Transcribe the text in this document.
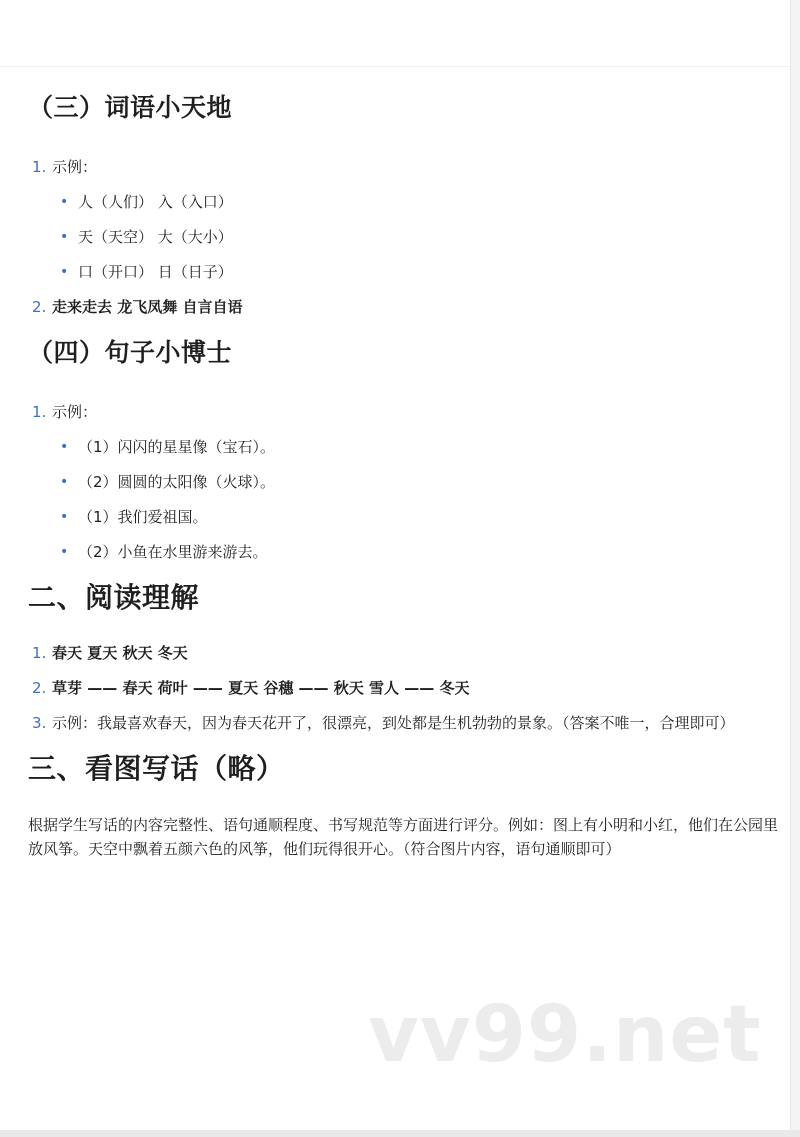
（三）词语小天地
1. 示例：
• 人（人们） 入（入口）
• 天（天空） 大（大小）
• 口（开口） 日（日子）
2. 走来走去 龙飞凤舞 自言自语
（四）句子小博士
1. 示例：
• （1）闪闪的星星像（宝石）。
• （2）圆圆的太阳像（火球）。
• （1）我们爱祖国。
• （2）小鱼在水里游来游去。
二、阅读理解
1. 春天 夏天 秋天 冬天
2. 草芽 —— 春天 荷叶 —— 夏天 谷穗 —— 秋天 雪人 —— 冬天
3. 示例：我最喜欢春天，因为春天花开了，很漂亮，到处都是生机勃勃的景象。（答案不唯一，合理即可）
三、看图写话（略）

根据学生写话的内容完整性、语句通顺程度、书写规范等方面进行评分。例如：图上有小明和小红，他们在公园里放风筝。天空中飘着五颜六色的风筝，他们玩得很开心。（符合图片内容，语句通顺即可）

vv99.net
